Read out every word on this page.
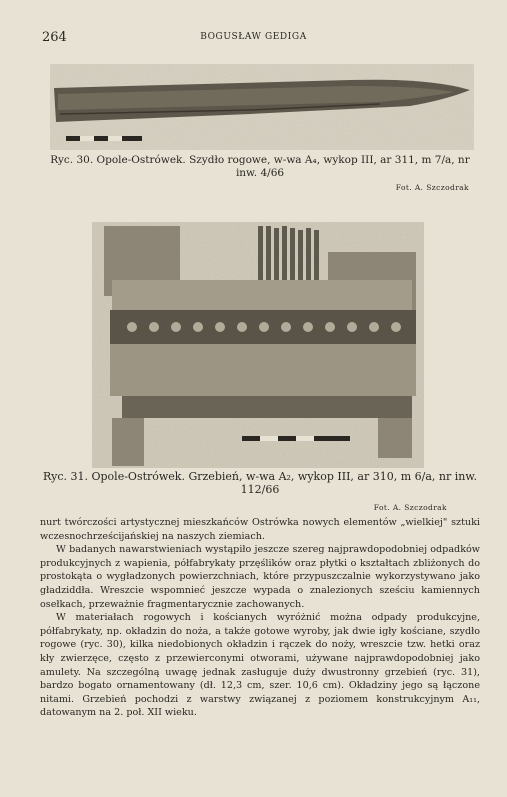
264	BOGUSŁAW GEDIGA
Ryc. 30. Opole-Ostrówek. Szydło rogowe, w-wa A₄, wykop III, ar 311, m 7/a, nr inw. 4/66
Fot. A. Szczodrak
Ryc. 31. Opole-Ostrówek. Grzebień, w-wa A₂, wykop III, ar 310, m 6/a, nr inw. 112/66
Fot. A. Szczodrak

nurt twórczości artystycznej mieszkańców Ostrówka nowych elementów „wielkiej" sztuki wczesnochrześcijańskiej na naszych ziemiach.

W badanych nawarstwieniach wystąpiło jeszcze szereg najprawdopodobniej odpadków produkcyjnych z wapienia, półfabrykaty przęślików oraz płytki o kształtach zbliżonych do prostokąta o wygładzonych powierzchniach, które przypuszczalnie wykorzystywano jako gładziddła. Wreszcie wspomnieć jeszcze wypada o znalezionych sześciu kamiennych osełkach, przeważnie fragmentarycznie zachowanych.

W materiałach rogowych i kościanych wyróżnić można odpady produkcyjne, półfabrykaty, np. okładzin do noża, a także gotowe wyroby, jak dwie igły kościane, szydło rogowe (ryc. 30), kilka niedobionych okładzin i rączek do noży, wreszcie tzw. hetki oraz kły zwierzęce, często z przewierconymi otworami, używane najprawdopodobniej jako amulety. Na szczególną uwagę jednak zasługuje duży dwustronny grzebień (ryc. 31), bardzo bogato ornamentowany (dł. 12,3 cm, szer. 10,6 cm). Okładziny jego są łączone nitami. Grzebień pochodzi z warstwy związanej z poziomem konstrukcyjnym A₁₁, datowanym na 2. poł. XII wieku.
